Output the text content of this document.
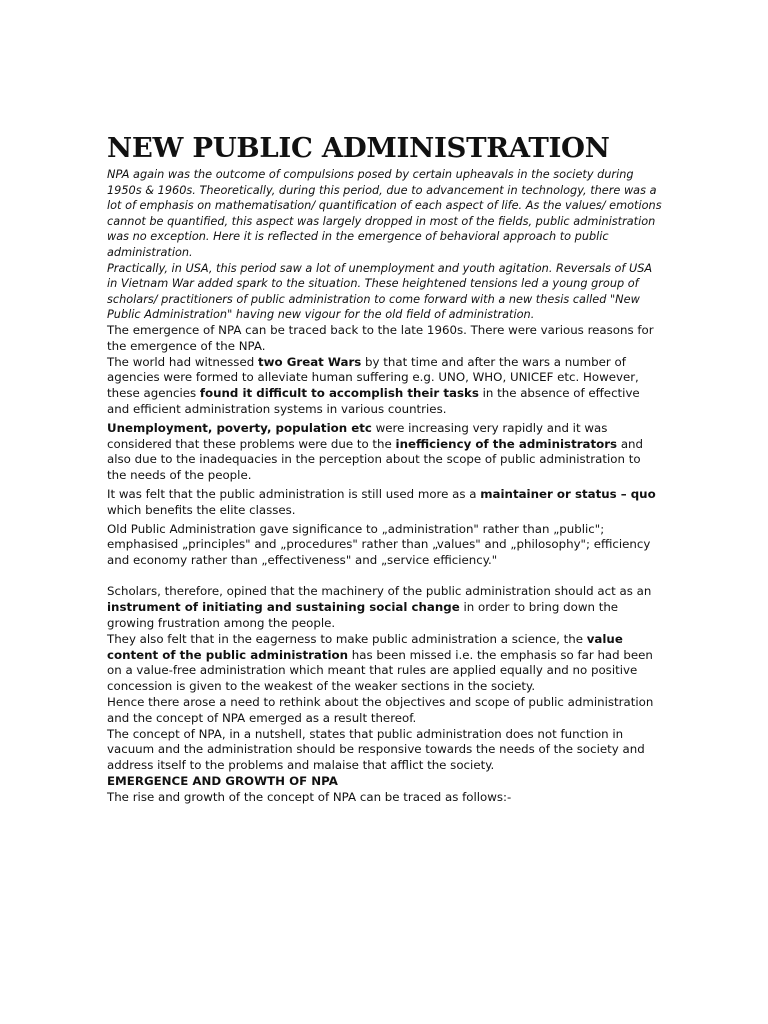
NEW PUBLIC ADMINISTRATION

NPA again was the outcome of compulsions posed by certain upheavals in the society during 1950s & 1960s. Theoretically, during this period, due to advancement in technology, there was a lot of emphasis on mathematisation/ quantification of each aspect of life. As the values/ emotions cannot be quantified, this aspect was largely dropped in most of the fields, public administration was no exception. Here it is reflected in the emergence of behavioral approach to public administration.

Practically, in USA, this period saw a lot of unemployment and youth agitation. Reversals of USA in Vietnam War added spark to the situation. These heightened tensions led a young group of scholars/ practitioners of public administration to come forward with a new thesis called "New Public Administration" having new vigour for the old field of administration.

The emergence of NPA can be traced back to the late 1960s. There were various reasons for the emergence of the NPA.

The world had witnessed two Great Wars by that time and after the wars a number of agencies were formed to alleviate human suffering e.g. UNO, WHO, UNICEF etc. However, these agencies found it difficult to accomplish their tasks in the absence of effective and efficient administration systems in various countries.

Unemployment, poverty, population etc were increasing very rapidly and it was considered that these problems were due to the inefficiency of the administrators and also due to the inadequacies in the perception about the scope of public administration to the needs of the people.

It was felt that the public administration is still used more as a maintainer or status – quo which benefits the elite classes.

Old Public Administration gave significance to „administration" rather than „public"; emphasised „principles" and „procedures" rather than „values" and „philosophy"; efficiency and economy rather than „effectiveness" and „service efficiency."

Scholars, therefore, opined that the machinery of the public administration should act as an instrument of initiating and sustaining social change in order to bring down the growing frustration among the people.

They also felt that in the eagerness to make public administration a science, the value content of the public administration has been missed i.e. the emphasis so far had been on a value-free administration which meant that rules are applied equally and no positive concession is given to the weakest of the weaker sections in the society.

Hence there arose a need to rethink about the objectives and scope of public administration and the concept of NPA emerged as a result thereof.

The concept of NPA, in a nutshell, states that public administration does not function in vacuum and the administration should be responsive towards the needs of the society and address itself to the problems and malaise that afflict the society.

EMERGENCE AND GROWTH OF NPA

The rise and growth of the concept of NPA can be traced as follows:-
